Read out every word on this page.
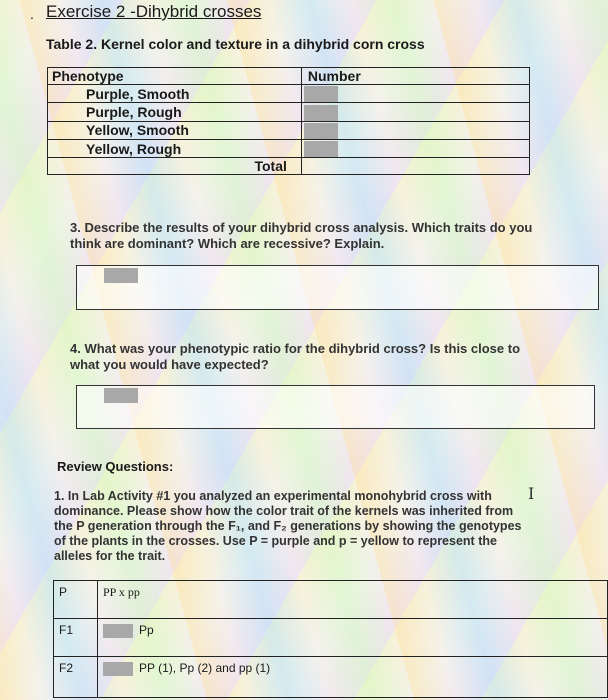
. Exercise 2 -Dihybrid crosses
Table 2. Kernel color and texture in a dihybrid corn cross
Phenotype	Number
Purple, Smooth	
Purple, Rough	
Yellow, Smooth	
Yellow, Rough	
Total	
3. Describe the results of your dihybrid cross analysis. Which traits do you think are dominant? Which are recessive? Explain.
4. What was your phenotypic ratio for the dihybrid cross? Is this close to what you would have expected?
Review Questions:
1. In Lab Activity #1 you analyzed an experimental monohybrid cross with dominance. Please show how the color trait of the kernels was inherited from the P generation through the F₁, and F₂ generations by showing the genotypes of the plants in the crosses. Use P = purple and p = yellow to represent the alleles for the trait.
I
P	PP x pp
F1	Pp
F2	PP (1), Pp (2) and pp (1)
